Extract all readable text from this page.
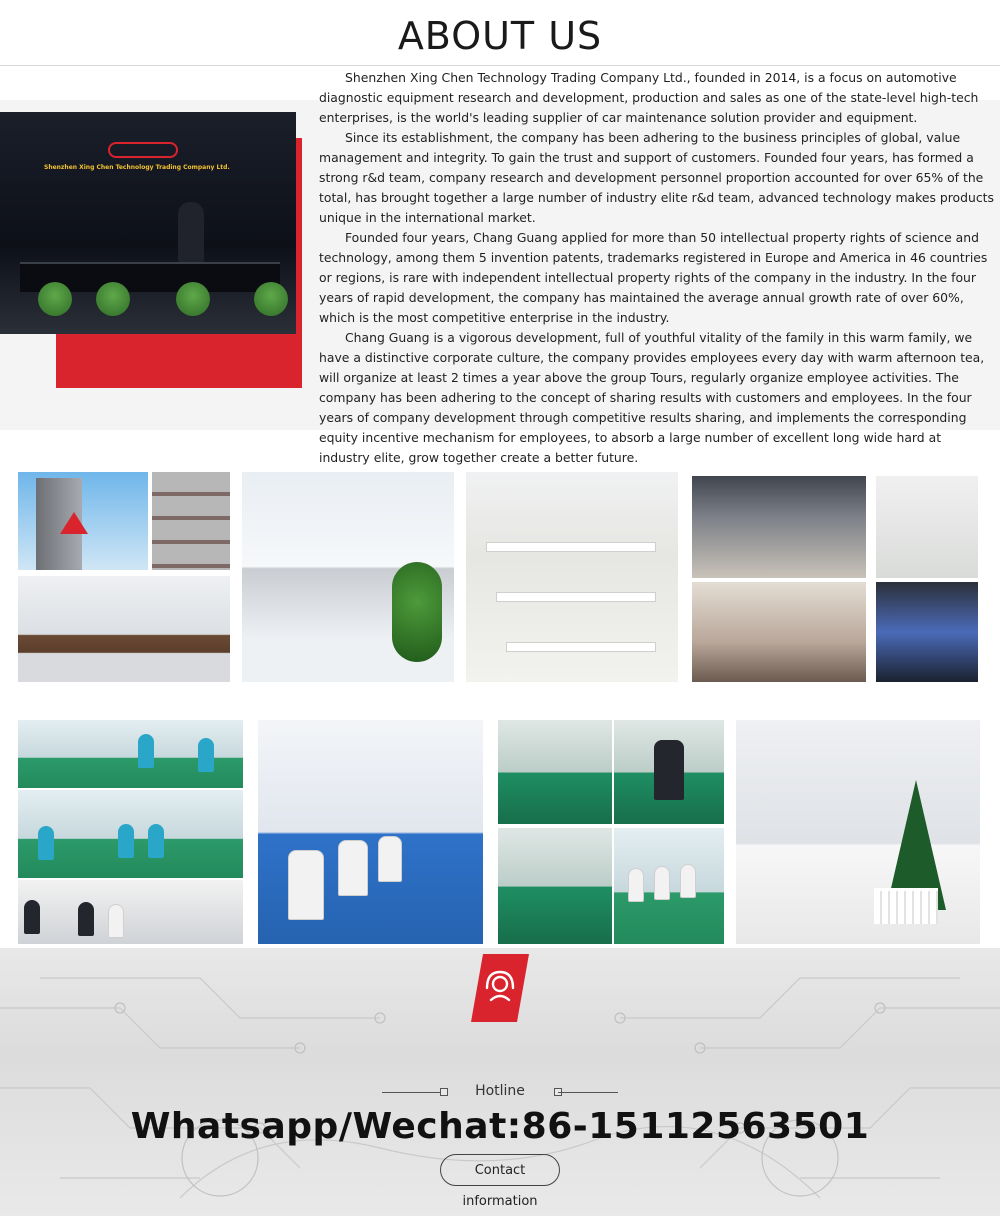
ABOUT US
Shenzhen Xing Chen Technology Trading Company Ltd.

Shenzhen Xing Chen Technology Trading Company Ltd., founded in 2014, is a focus on automotive diagnostic equipment research and development, production and sales as one of the state-level high-tech enterprises, is the world's leading supplier of car maintenance solution provider and equipment.

Since its establishment, the company has been adhering to the business principles of global, value management and integrity. To gain the trust and support of customers. Founded four years, has formed a strong r&d team, company research and development personnel proportion accounted for over 65% of the total, has brought together a large number of industry elite r&d team, advanced technology makes products unique in the international market.

Founded four years, Chang Guang applied for more than 50 intellectual property rights of science and technology, among them 5 invention patents, trademarks registered in Europe and America in 46 countries or regions, is rare with independent intellectual property rights of the company in the industry. In the four years of rapid development, the company has maintained the average annual growth rate of over 60%, which is the most competitive enterprise in the industry.

Chang Guang is a vigorous development, full of youthful vitality of the family in this warm family, we have a distinctive corporate culture, the company provides employees every day with warm afternoon tea, will organize at least 2 times a year above the group Tours, regularly organize employee activities. The company has been adhering to the concept of sharing results with customers and employees. In the four years of company development through competitive results sharing, and implements the corresponding equity incentive mechanism for employees, to absorb a large number of excellent long wide hard at industry elite, grow together create a better future.

Hotline
Whatsapp/Wechat:86-15112563501
Contact
information
